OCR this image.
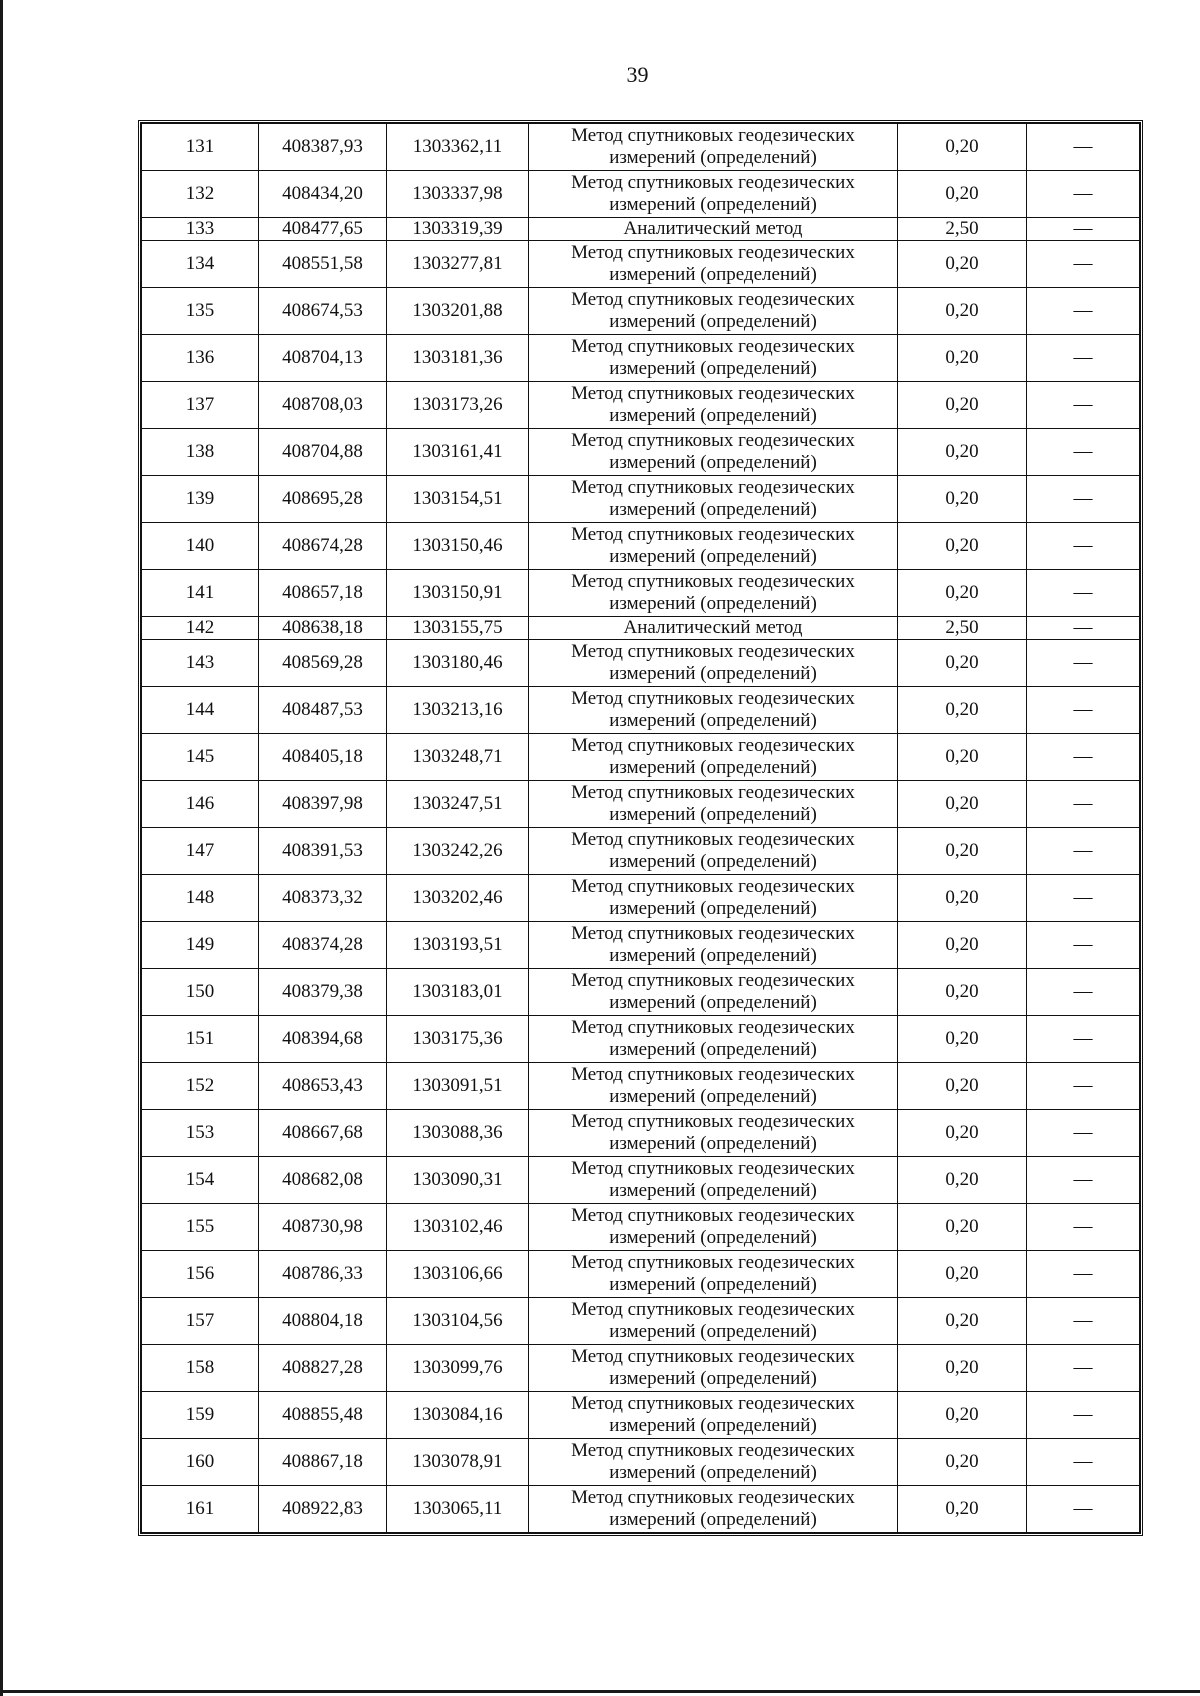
39
131	408387,93	1303362,11	Метод спутниковых геодезических
измерений (определений)	0,20	—
132	408434,20	1303337,98	Метод спутниковых геодезических
измерений (определений)	0,20	—
133	408477,65	1303319,39	Аналитический метод	2,50	—
134	408551,58	1303277,81	Метод спутниковых геодезических
измерений (определений)	0,20	—
135	408674,53	1303201,88	Метод спутниковых геодезических
измерений (определений)	0,20	—
136	408704,13	1303181,36	Метод спутниковых геодезических
измерений (определений)	0,20	—
137	408708,03	1303173,26	Метод спутниковых геодезических
измерений (определений)	0,20	—
138	408704,88	1303161,41	Метод спутниковых геодезических
измерений (определений)	0,20	—
139	408695,28	1303154,51	Метод спутниковых геодезических
измерений (определений)	0,20	—
140	408674,28	1303150,46	Метод спутниковых геодезических
измерений (определений)	0,20	—
141	408657,18	1303150,91	Метод спутниковых геодезических
измерений (определений)	0,20	—
142	408638,18	1303155,75	Аналитический метод	2,50	—
143	408569,28	1303180,46	Метод спутниковых геодезических
измерений (определений)	0,20	—
144	408487,53	1303213,16	Метод спутниковых геодезических
измерений (определений)	0,20	—
145	408405,18	1303248,71	Метод спутниковых геодезических
измерений (определений)	0,20	—
146	408397,98	1303247,51	Метод спутниковых геодезических
измерений (определений)	0,20	—
147	408391,53	1303242,26	Метод спутниковых геодезических
измерений (определений)	0,20	—
148	408373,32	1303202,46	Метод спутниковых геодезических
измерений (определений)	0,20	—
149	408374,28	1303193,51	Метод спутниковых геодезических
измерений (определений)	0,20	—
150	408379,38	1303183,01	Метод спутниковых геодезических
измерений (определений)	0,20	—
151	408394,68	1303175,36	Метод спутниковых геодезических
измерений (определений)	0,20	—
152	408653,43	1303091,51	Метод спутниковых геодезических
измерений (определений)	0,20	—
153	408667,68	1303088,36	Метод спутниковых геодезических
измерений (определений)	0,20	—
154	408682,08	1303090,31	Метод спутниковых геодезических
измерений (определений)	0,20	—
155	408730,98	1303102,46	Метод спутниковых геодезических
измерений (определений)	0,20	—
156	408786,33	1303106,66	Метод спутниковых геодезических
измерений (определений)	0,20	—
157	408804,18	1303104,56	Метод спутниковых геодезических
измерений (определений)	0,20	—
158	408827,28	1303099,76	Метод спутниковых геодезических
измерений (определений)	0,20	—
159	408855,48	1303084,16	Метод спутниковых геодезических
измерений (определений)	0,20	—
160	408867,18	1303078,91	Метод спутниковых геодезических
измерений (определений)	0,20	—
161	408922,83	1303065,11	Метод спутниковых геодезических
измерений (определений)	0,20	—
